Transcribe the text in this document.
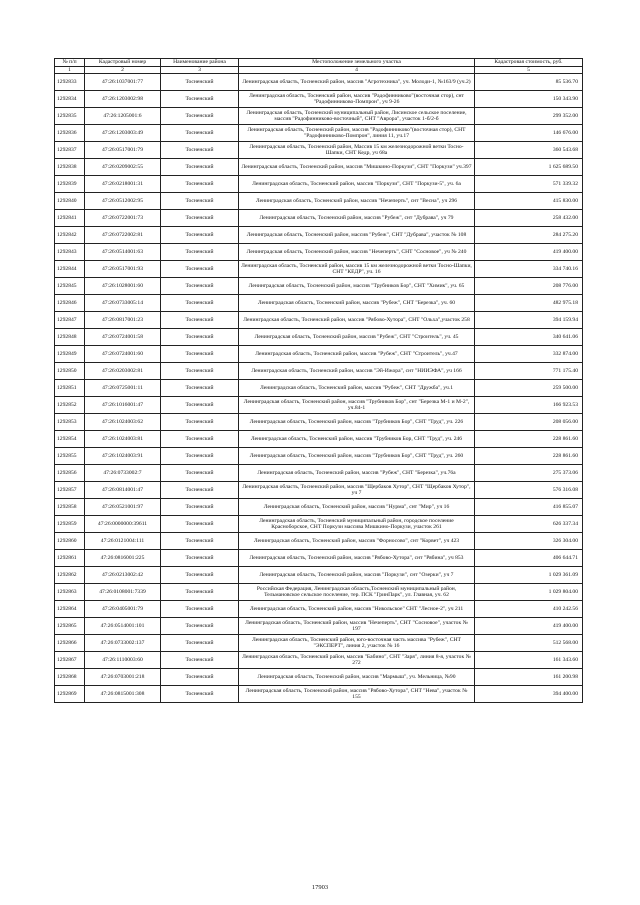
№ п/п	Кадастровый номер	Наименование района	Местоположение земельного участка	Кадастровая стоимость, руб.
1	2	3	4	5
1292833	47:26:1037001:77	Тосненский	Ленинградская область, Тосненский район, массив "Агротехника", уч. Молоди-1, №163/9 (уч.2)	85 536.70
1292834	47:26:1203002:98	Тосненский	Ленинградская область, Тосненский район, массив "Радофинниково"(восточная стор), снт "Радофинниково-Помпрон", уч 9-26	150 343.90
1292835	47:26:1205001:6	Тосненский	Ленинградская область, Тосненский муниципальный район, Лисинское сельское поселение, массив "Радофинниково-восточный", СНТ "Аврора", участок 1-б/2-б	299 352.00
1292836	47:26:1203003:49	Тосненский	Ленинградская область, Тосненский район, массив "Радофинниково"(восточная стор), СНТ "Радофинниково-Помпрон", линия 11, уч.17	146 676.00
1292837	47:26:0517001:79	Тосненский	Ленинградская область, Тосненский район, Массив 15 км железнодорожной ветки Тосно-Шапки, СНТ Кедр, уч 68а	360 543.68
1292838	47:26:0209002:55	Тосненский	Ленинградская область, Тосненский район, массив "Мишкино-Поркузи", СНТ "Поркузи" уч.397	1 625 689.50
1292839	47:26:0218001:31	Тосненский	Ленинградская область, Тосненский район, массив "Поркузи", СНТ "Поркузи-5", уч. 6а	571 339.32
1292840	47:26:0512002:95	Тосненский	Ленинградская область, Тосненский район, массив "Нечеперть", снт "Весна", уч 296	415 830.00
1292841	47:26:0722001:73	Тосненский	Ленинградская область, Тосненский район, массив "Рубеж", снт "Дубрава", уч 79	258 432.00
1292842	47:26:0722002:81	Тосненский	Ленинградская область, Тосненский район, массив "Рубеж", СНТ "Дубрава", участок № 108	284 275.20
1292843	47:26:0514001:63	Тосненский	Ленинградская область, Тосненский район, массив "Нечеперть", СНТ "Сосновое", уч № 240	419 400.00
1292844	47:26:0517001:93	Тосненский	Ленинградская область, Тосненский район, массив 15 км железнодорожной ветки Тосно-Шапки, СНТ "КЕДР", уч. 16	334 740.16
1292845	47:26:1028001:60	Тосненский	Ленинградская область, Тосненский район, массив "Трубников Бор", СНТ "Химик", уч. 65	208 776.00
1292846	47:26:0733005:14	Тосненский	Ленинградская область, Тосненский район, массив "Рубеж", СНТ "Березка", уч. 60	482 975.18
1292847	47:26:0817001:23	Тосненский	Ленинградская область, Тосненский район, массив "Рябово-Хутора", СНТ "Ольха",участок 258	394 159.94
1292848	47:26:0724001:58	Тосненский	Ленинградская область, Тосненский район, массив "Рубеж", СНТ "Строитель", уч. 45	340 641.06
1292849	47:26:0724001:60	Тосненский	Ленинградская область, Тосненский район, массив "Рубеж", СНТ "Строитель", уч.47	332 874.00
1292850	47:26:0203002:81	Тосненский	Ленинградская область, Тосненский район, массив "Эй-Ижора", снт "НИИЭФА", уч 166	771 175.40
1292851	47:26:0725001:11	Тосненский	Ленинградская область, Тосненский район, массив "Рубеж", СНТ "Дружба", уч.1	259 500.00
1292852	47:26:1016001:47	Тосненский	Ленинградская область, Тосненский район, массив "Трубников Бор", снт "Березка М-1 и М-2", уч.84-1	166 923.53
1292853	47:26:1024003:62	Тосненский	Ленинградская область, Тосненский район, массив "Трубников Бор", СНТ "Труд", уч. 226	208 056.00
1292854	47:26:1024003:81	Тосненский	Ленинградская область, Тосненский район, массив "Трубников Бор, СНТ "Труд", уч. 246	228 861.60
1292855	47:26:1024003:91	Тосненский	Ленинградская область, Тосненский район, массив "Трубников Бор", СНТ "Труд", уч. 260	228 861.60
1292856	47:26:0733002:7	Тосненский	Ленинградская область, Тосненский район, массив "Рубеж", СНТ "Березка", уч.76а	275 373.06
1292857	47:26:0814001:47	Тосненский	Ленинградская область, Тосненский район, массив "Щербаков Хутор", СНТ "Щербаков Хутор", уч 7	576 316.08
1292858	47:26:0521001:97	Тосненский	Ленинградская область, Тосненский район, массив "Нурма", снт "Мир", уч 16	416 855.07
1292859	47:26:0000000:39611	Тосненский	Ленинградская область, Тосненский муниципальный район, городское поселение Красноборское, СНТ Поркузи массива Мишкино-Поркузи, участок 261	626 337.34
1292860	47:26:0121004:111	Тосненский	Ленинградская область, Тосненский район, массив "Форносово", снт "Корвет", уч 423	326 304.00
1292861	47:26:0816001:225	Тосненский	Ленинградская область, Тосненский район, массив "Рябово-Хутора", снт "Рябина", уч 853	406 644.71
1292862	47:26:0213002:42	Тосненский	Ленинградская область, Тосненский район, массив "Поркузи", снт "Озерки", уч 7	1 029 361.09
1292863	47:26:0108001:7339	Тосненский	Российская Федерация, Ленинградская область,Тосненский муниципальный район, Тельмановское сельское поселение, тер. ПСК "ГринПарк", ул. Главная, уч. 62	1 029 804.00
1292864	47:26:0405001:79	Тосненский	Ленинградская область, Тосненский район, массив "Никольское" СНТ "Лесное-2", уч 211	410 242.56
1292865	47:26:0514001:101	Тосненский	Ленинградская область, Тосненский район, массив "Нечеперть", СНТ "Сосновое", участок № 197	419 400.00
1292866	47:26:0733002:137	Тосненский	Ленинградская область, Тосненский район, юго-восточная часть массива "Рубеж", СНТ "ЭКСПЕРТ", линия 2, участок № 16	512 568.00
1292867	47:26:1110003:60	Тосненский	Ленинградская область, Тосненский район, массив "Бабино", СНТ "Заря", линия 8-я, участок № 272	161 343.60
1292868	47:26:0703001:218	Тосненский	Ленинградская область, Тосненский район, массив "Мармыш", уч. Мельница, №90	161 200.98
1292869	47:26:0815001:308	Тосненский	Ленинградская область, Тосненский район, массив "Рябово-Хутора", СНТ "Нева", участок № 155	394 400.00
17903
